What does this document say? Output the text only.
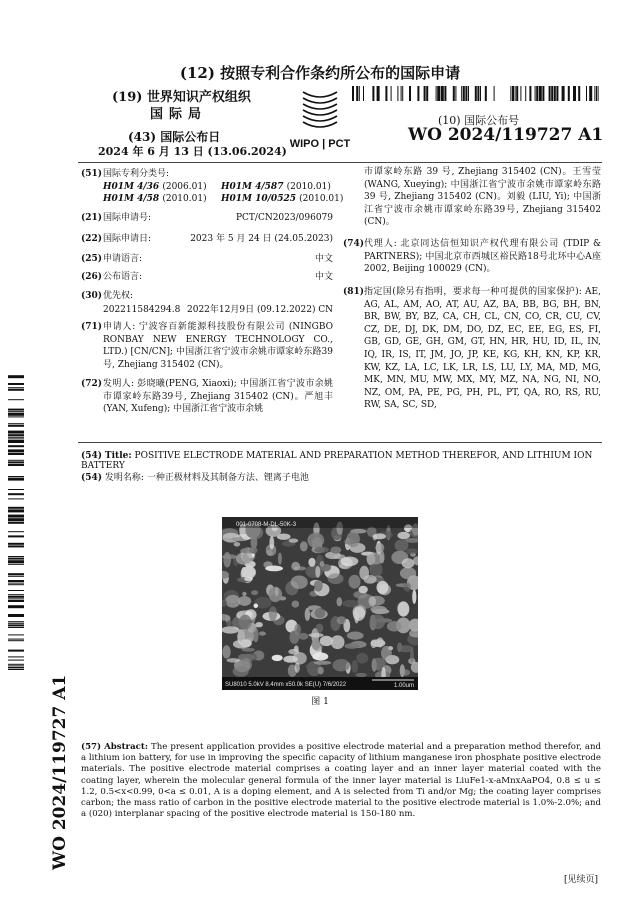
(12) 按照专利合作条约所公布的国际申请
(19) 世界知识产权组织
国际局
(43) 国际公布日
2024 年 6 月 13 日 (13.06.2024)
WIPO | PCT
(10) 国际公布号
WO 2024/119727 A1
(51) 国际专利分类号:
H01M 4/36 (2006.01)	H01M 4/587 (2010.01)
H01M 4/58 (2010.01)	H01M 10/0525 (2010.01)
(21) 国际申请号:	PCT/CN2023/096079
(22) 国际申请日:	2023 年 5 月 24 日 (24.05.2023)
(25) 申请语言:	中文
(26) 公布语言:	中文
(30) 优先权:
202211584294.8 2022年12月9日 (09.12.2022) CN
(71) 申请人: 宁波容百新能源科技股份有限公司 (NINGBO RONBAY NEW ENERGY TECHNOLOGY CO., LTD.) [CN/CN]; 中国浙江省宁波市余姚市谭家岭东路39号, Zhejiang 315402 (CN)。
(72) 发明人: 彭晓曦(PENG, Xiaoxi); 中国浙江省宁波市余姚市谭家岭东路39号, Zhejiang 315402 (CN)。严旭丰 (YAN, Xufeng); 中国浙江省宁波市余姚
市谭家岭东路 39 号, Zhejiang 315402 (CN)。王雪莹 (WANG, Xueying); 中国浙江省宁波市余姚市谭家岭东路 39 号, Zhejiang 315402 (CN)。刘毅 (LIU, Yi); 中国浙江省宁波市余姚市谭家岭东路39号, Zhejiang 315402 (CN)。
(74) 代理人: 北京同达信恒知识产权代理有限公司 (TDIP & PARTNERS); 中国北京市西城区裕民路18号北环中心A座2002, Beijing 100029 (CN)。
(81) 指定国(除另有指明，要求每一种可提供的国家保护): AE, AG, AL, AM, AO, AT, AU, AZ, BA, BB, BG, BH, BN, BR, BW, BY, BZ, CA, CH, CL, CN, CO, CR, CU, CV, CZ, DE, DJ, DK, DM, DO, DZ, EC, EE, EG, ES, FI, GB, GD, GE, GH, GM, GT, HN, HR, HU, ID, IL, IN, IQ, IR, IS, IT, JM, JO, JP, KE, KG, KH, KN, KP, KR, KW, KZ, LA, LC, LK, LR, LS, LU, LY, MA, MD, MG, MK, MN, MU, MW, MX, MY, MZ, NA, NG, NI, NO, NZ, OM, PA, PE, PG, PH, PL, PT, QA, RO, RS, RU, RW, SA, SC, SD,
(54) Title: POSITIVE ELECTRODE MATERIAL AND PREPARATION METHOD THEREFOR, AND LITHIUM ION BATTERY
(54) 发明名称: 一种正极材料及其制备方法、锂离子电池
001-0708-M-DL-50K-3
SU8010 5.0kV 8.4mm x50.0k SE(U) 7/6/2022	1.00um
图 1
(57) Abstract: The present application provides a positive electrode material and a preparation method therefor, and a lithium ion battery, for use in improving the specific capacity of lithium manganese iron phosphate positive electrode materials. The positive electrode material comprises a coating layer and an inner layer material coated with the coating layer, wherein the molecular general formula of the inner layer material is LiuFe1-x-aMnxAaPO4, 0.8 ≤ u ≤ 1.2, 0.5<x<0.99, 0<a ≤ 0.01, A is a doping element, and A is selected from Ti and/or Mg; the coating layer comprises carbon; the mass ratio of carbon in the positive electrode material to the positive electrode material is 1.0%-2.0%; and a (020) interplanar spacing of the positive electrode material is 150-180 nm.
WO 2024/119727 A1
[见续页]
